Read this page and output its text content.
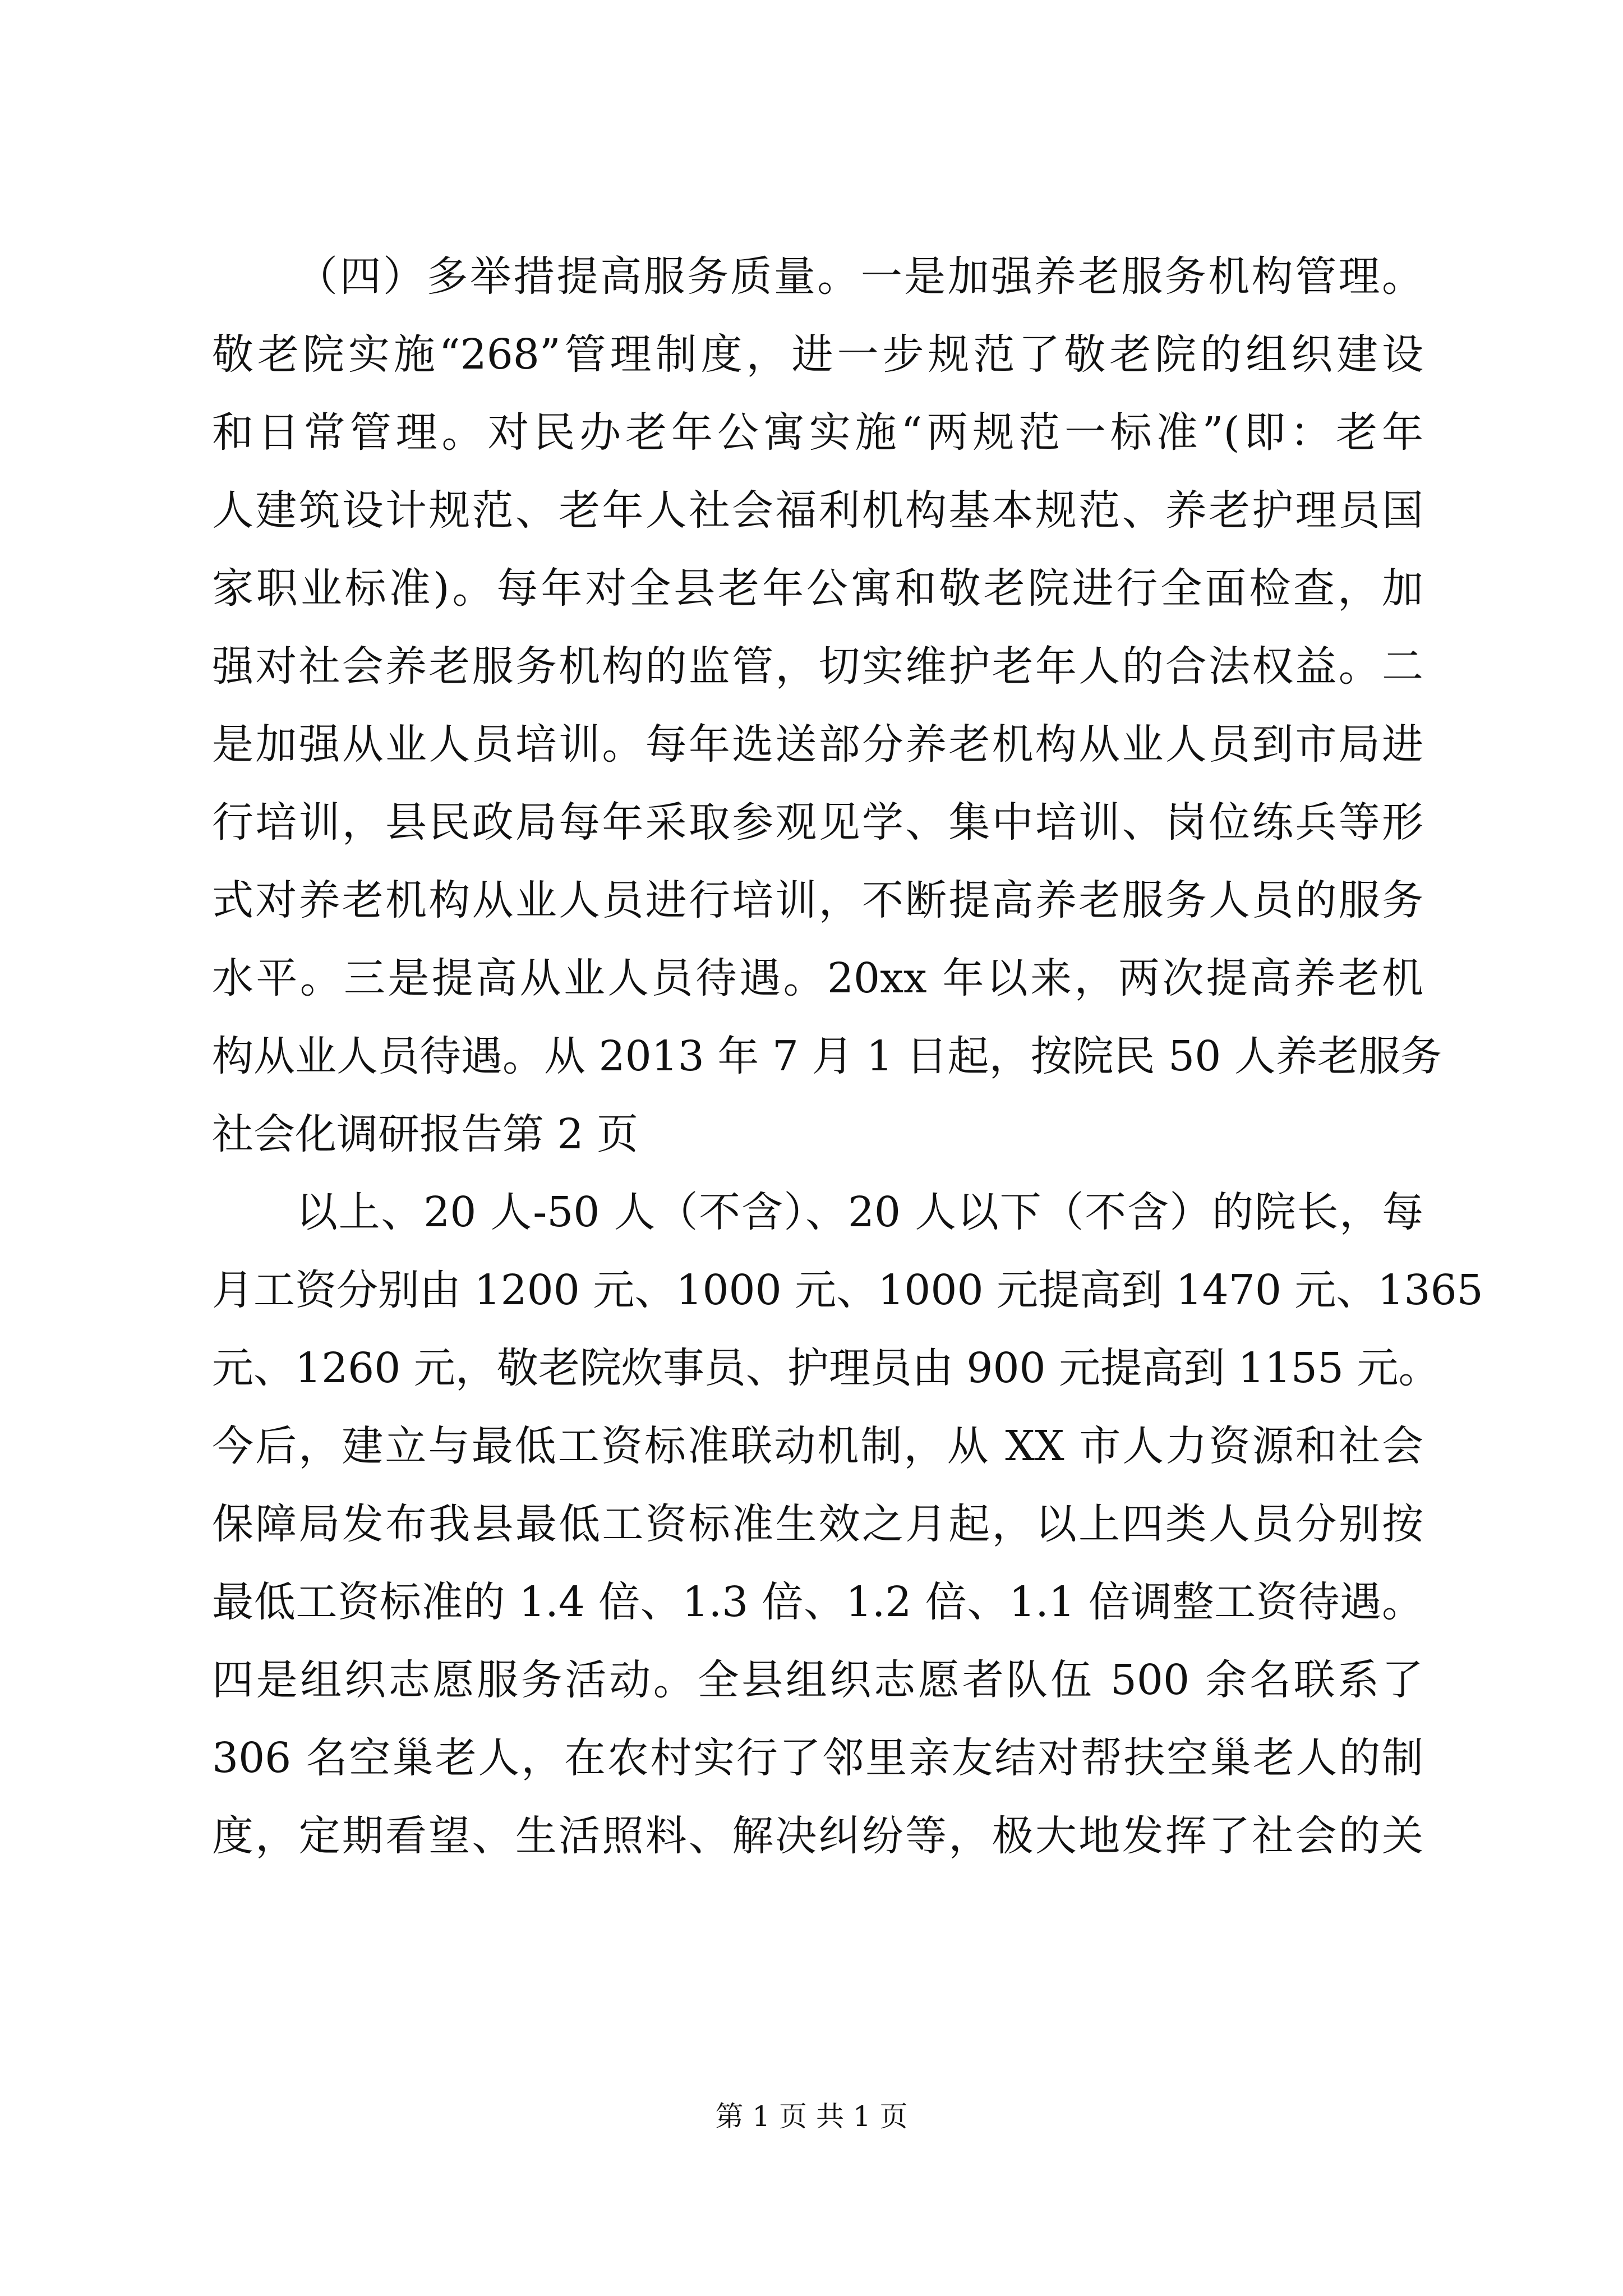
（四）多举措提高服务质量。一是加强养老服务机构管理。
敬老院实施“268”管理制度，进一步规范了敬老院的组织建设
和日常管理。对民办老年公寓实施“两规范一标准”(即：老年
人建筑设计规范、老年人社会福利机构基本规范、养老护理员国
家职业标准)。每年对全县老年公寓和敬老院进行全面检查，加
强对社会养老服务机构的监管，切实维护老年人的合法权益。二
是加强从业人员培训。每年选送部分养老机构从业人员到市局进
行培训，县民政局每年采取参观见学、集中培训、岗位练兵等形
式对养老机构从业人员进行培训，不断提高养老服务人员的服务
水平。三是提高从业人员待遇。20xx 年以来，两次提高养老机
构从业人员待遇。从 2013 年 7 月 1 日起，按院民 50 人养老服务
社会化调研报告第 2 页
以上、20 人-50 人（不含）、20 人以下（不含）的院长，每
月工资分别由 1200 元、1000 元、1000 元提高到 1470 元、1365
元、1260 元，敬老院炊事员、护理员由 900 元提高到 1155 元。
今后，建立与最低工资标准联动机制，从 XX 市人力资源和社会
保障局发布我县最低工资标准生效之月起，以上四类人员分别按
最低工资标准的 1.4 倍、1.3 倍、1.2 倍、1.1 倍调整工资待遇。
四是组织志愿服务活动。全县组织志愿者队伍 500 余名联系了
306 名空巢老人，在农村实行了邻里亲友结对帮扶空巢老人的制
度，定期看望、生活照料、解决纠纷等，极大地发挥了社会的关
第 1 页 共 1 页
